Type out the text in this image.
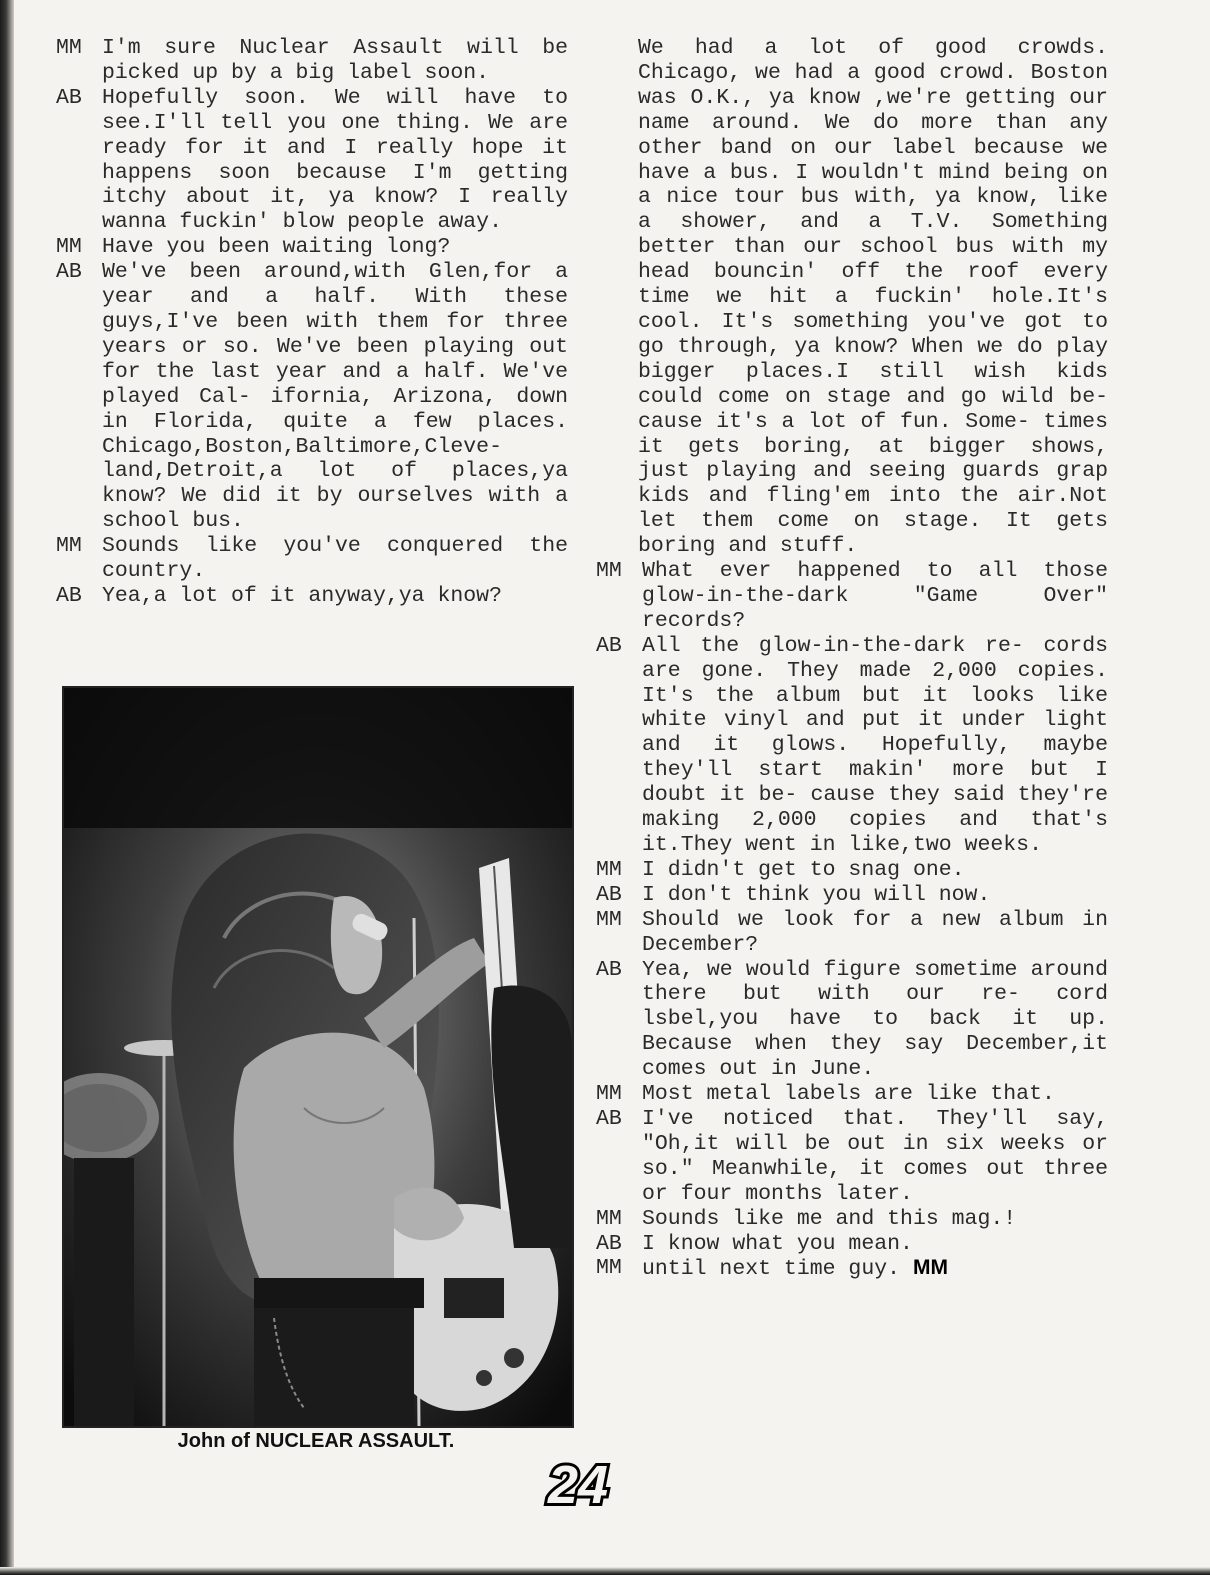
MM I'm sure Nuclear Assault will be picked up by a big label soon.

AB Hopefully soon. We will have to see.I'll tell you one thing. We are ready for it and I really hope it happens soon because I'm getting itchy about it, ya know? I really wanna fuckin' blow people away.

MM Have you been waiting long?

AB We've been around,with Glen,for a year and a half. With these guys,I've been with them for three years or so. We've been playing out for the last year and a half. We've played Cal- ifornia, Arizona, down in Florida, quite a few places. Chicago,Boston,Baltimore,Cleve- land,Detroit,a lot of places,ya know? We did it by ourselves with a school bus.

MM Sounds like you've conquered the country.

AB Yea,a lot of it anyway,ya know?

John of NUCLEAR ASSAULT.

We had a lot of good crowds. Chicago, we had a good crowd. Boston was O.K., ya know ,we're getting our name around. We do more than any other band on our label because we have a bus. I wouldn't mind being on a nice tour bus with, ya know, like a shower, and a T.V. Something better than our school bus with my head bouncin' off the roof every time we hit a fuckin' hole.It's cool. It's something you've got to go through, ya know? When we do play bigger places.I still wish kids could come on stage and go wild be- cause it's a lot of fun. Some- times it gets boring, at bigger shows, just playing and seeing guards grap kids and fling'em into the air.Not let them come on stage. It gets boring and stuff.

MM What ever happened to all those glow-in-the-dark "Game Over" records?

AB All the glow-in-the-dark re- cords are gone. They made 2,000 copies. It's the album but it looks like white vinyl and put it under light and it glows. Hopefully, maybe they'll start makin' more but I doubt it be- cause they said they're making 2,000 copies and that's it.They went in like,two weeks.

MM I didn't get to snag one.

AB I don't think you will now.

MM Should we look for a new album in December?

AB Yea, we would figure sometime around there but with our re- cord lsbel,you have to back it up. Because when they say December,it comes out in June.

MM Most metal labels are like that.

AB I've noticed that. They'll say, "Oh,it will be out in six weeks or so." Meanwhile, it comes out three or four months later.

MM Sounds like me and this mag.!

AB I know what you mean.

MM until next time guy. MM

24
